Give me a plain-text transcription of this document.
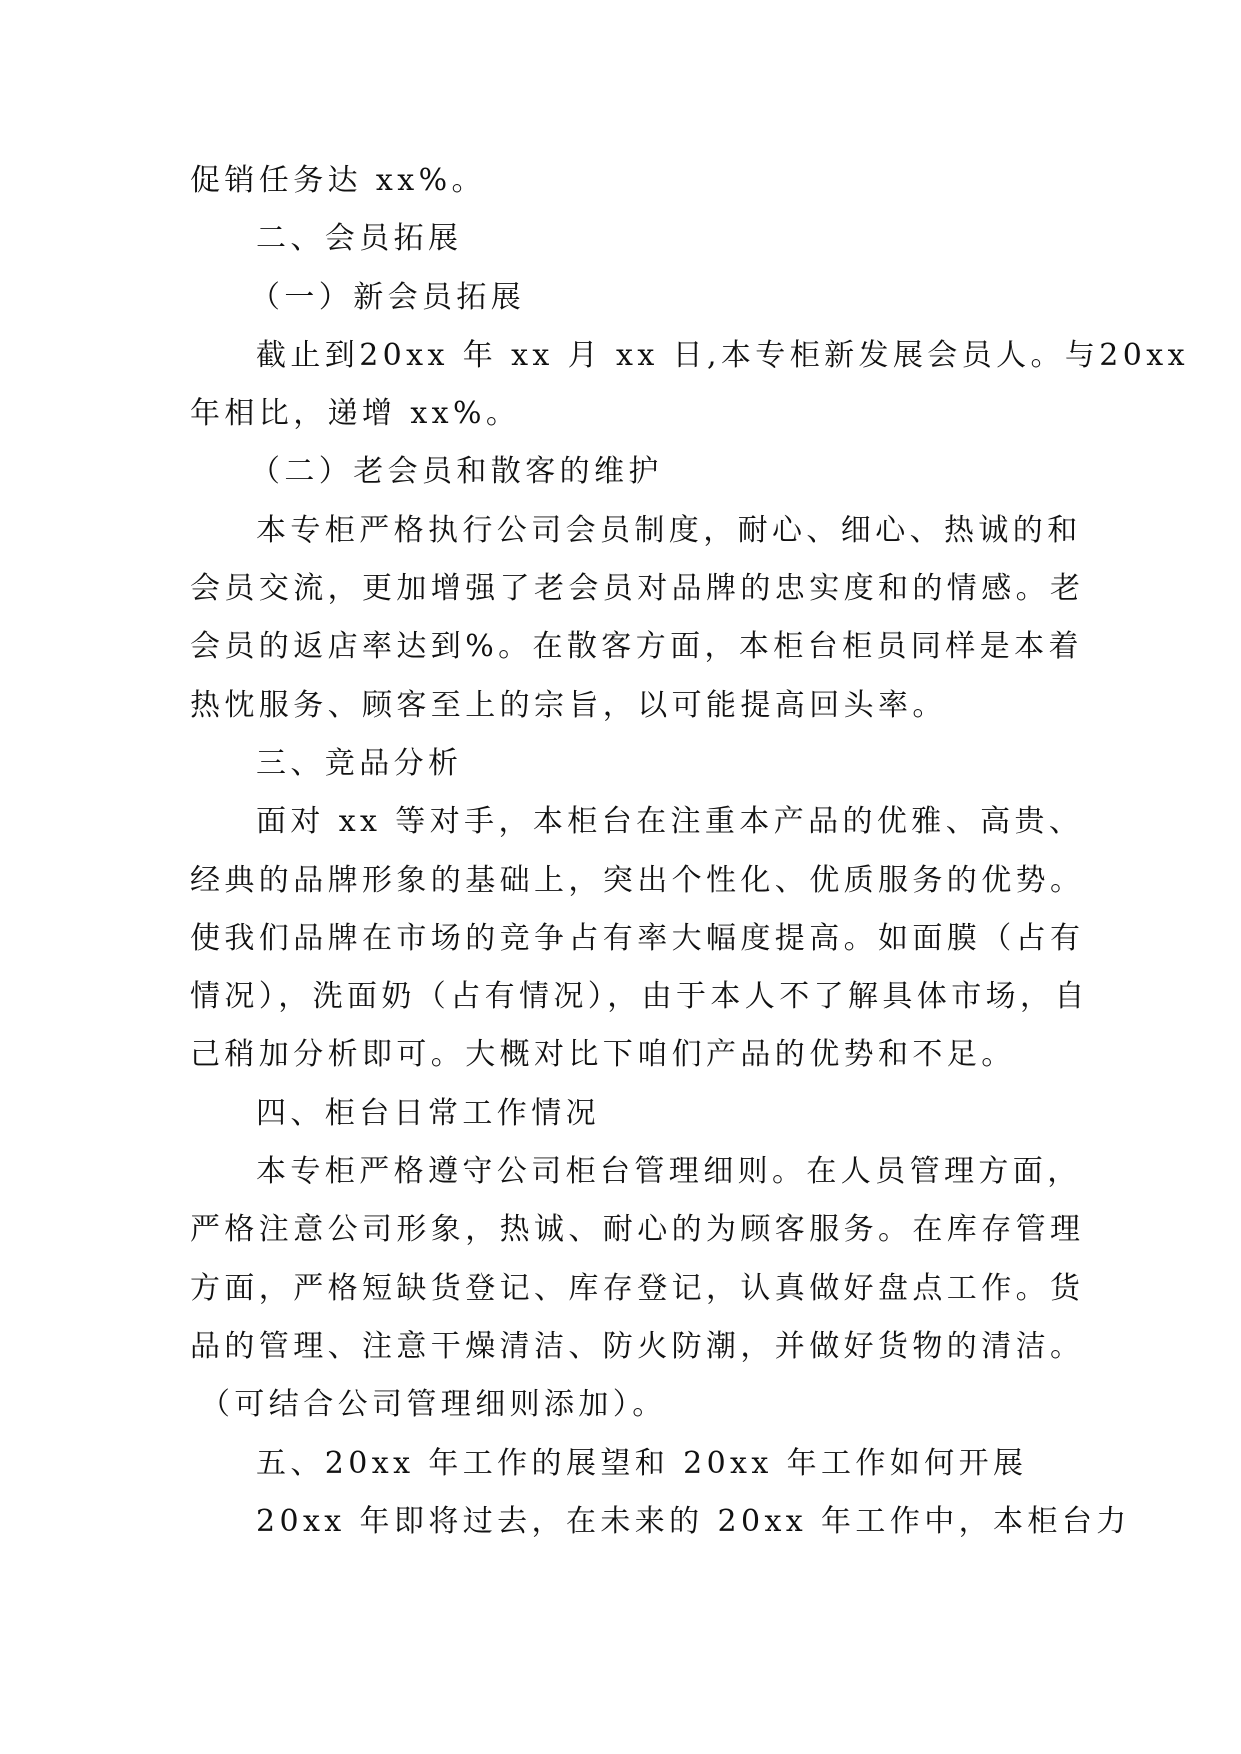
促销任务达 xx%。

二、会员拓展

（一）新会员拓展

截止到20xx 年 xx 月 xx 日,本专柜新发展会员人。与20xx

年相比，递增 xx%。

（二）老会员和散客的维护

本专柜严格执行公司会员制度，耐心、细心、热诚的和

会员交流，更加增强了老会员对品牌的忠实度和的情感。老

会员的返店率达到%。在散客方面，本柜台柜员同样是本着

热忱服务、顾客至上的宗旨，以可能提高回头率。

三、竞品分析

面对 xx 等对手，本柜台在注重本产品的优雅、高贵、

经典的品牌形象的基础上，突出个性化、优质服务的优势。

使我们品牌在市场的竞争占有率大幅度提高。如面膜（占有

情况），洗面奶（占有情况），由于本人不了解具体市场，自

己稍加分析即可。大概对比下咱们产品的优势和不足。

四、柜台日常工作情况

本专柜严格遵守公司柜台管理细则。在人员管理方面，

严格注意公司形象，热诚、耐心的为顾客服务。在库存管理

方面，严格短缺货登记、库存登记，认真做好盘点工作。货

品的管理、注意干燥清洁、防火防潮，并做好货物的清洁。

（可结合公司管理细则添加）。

五、20xx 年工作的展望和 20xx 年工作如何开展

20xx 年即将过去，在未来的 20xx 年工作中，本柜台力
